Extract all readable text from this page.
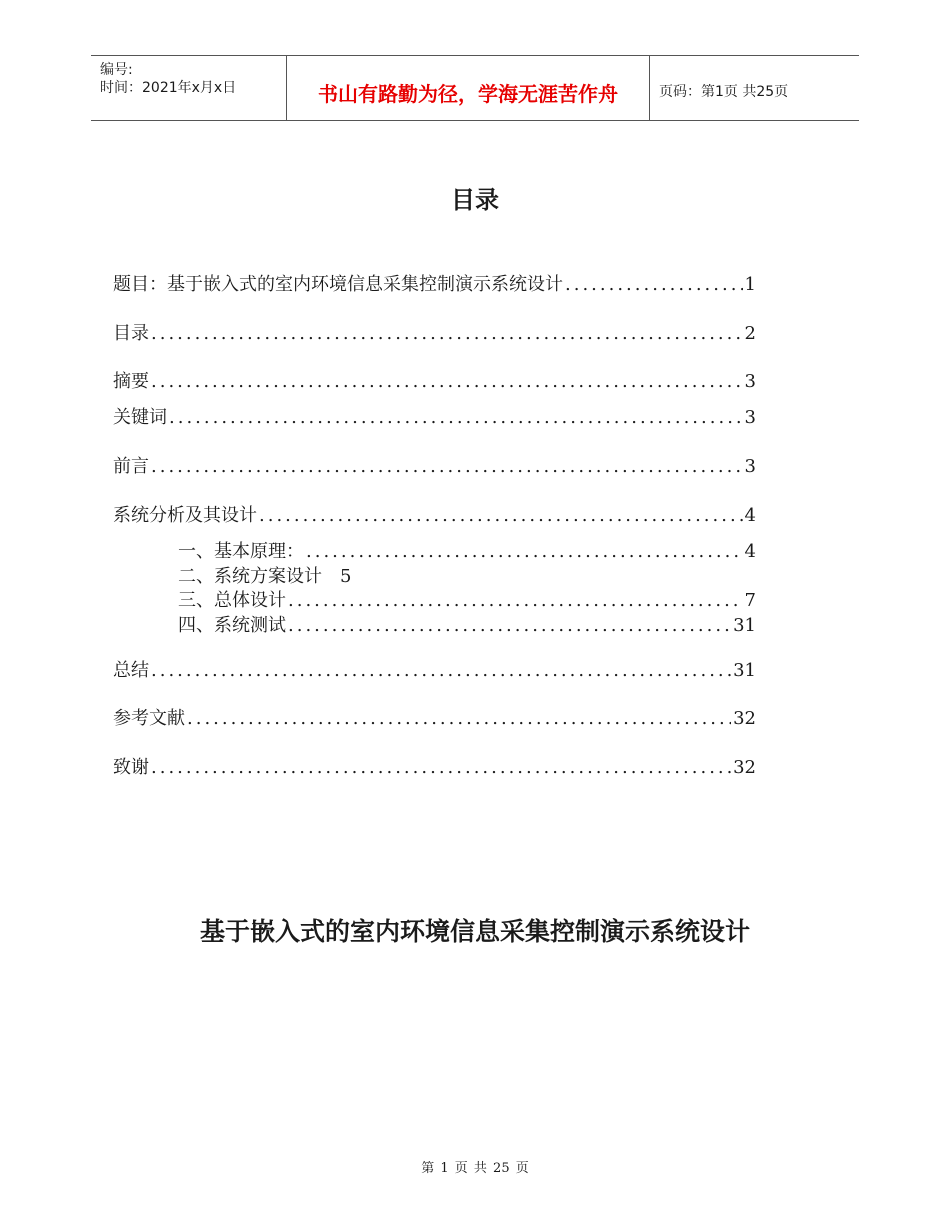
编号:
时间：2021年x月x日	书山有路勤为径，学海无涯苦作舟	页码：第1页 共25页
目录
题目：基于嵌入式的室内环境信息采集控制演示系统设计 .....	1
目录 .....	2
摘要 .....	3
关键词 .....	3
前言 .....	3
系统分析及其设计 .....	4
一、基本原理： .....	4
二、系统方案设计 5
三、总体设计 .....	7
四、系统测试 .....	31
总结 .....	31
参考文献 .....	32
致谢 .....	32
基于嵌入式的室内环境信息采集控制演示系统设计
第 1 页 共 25 页
